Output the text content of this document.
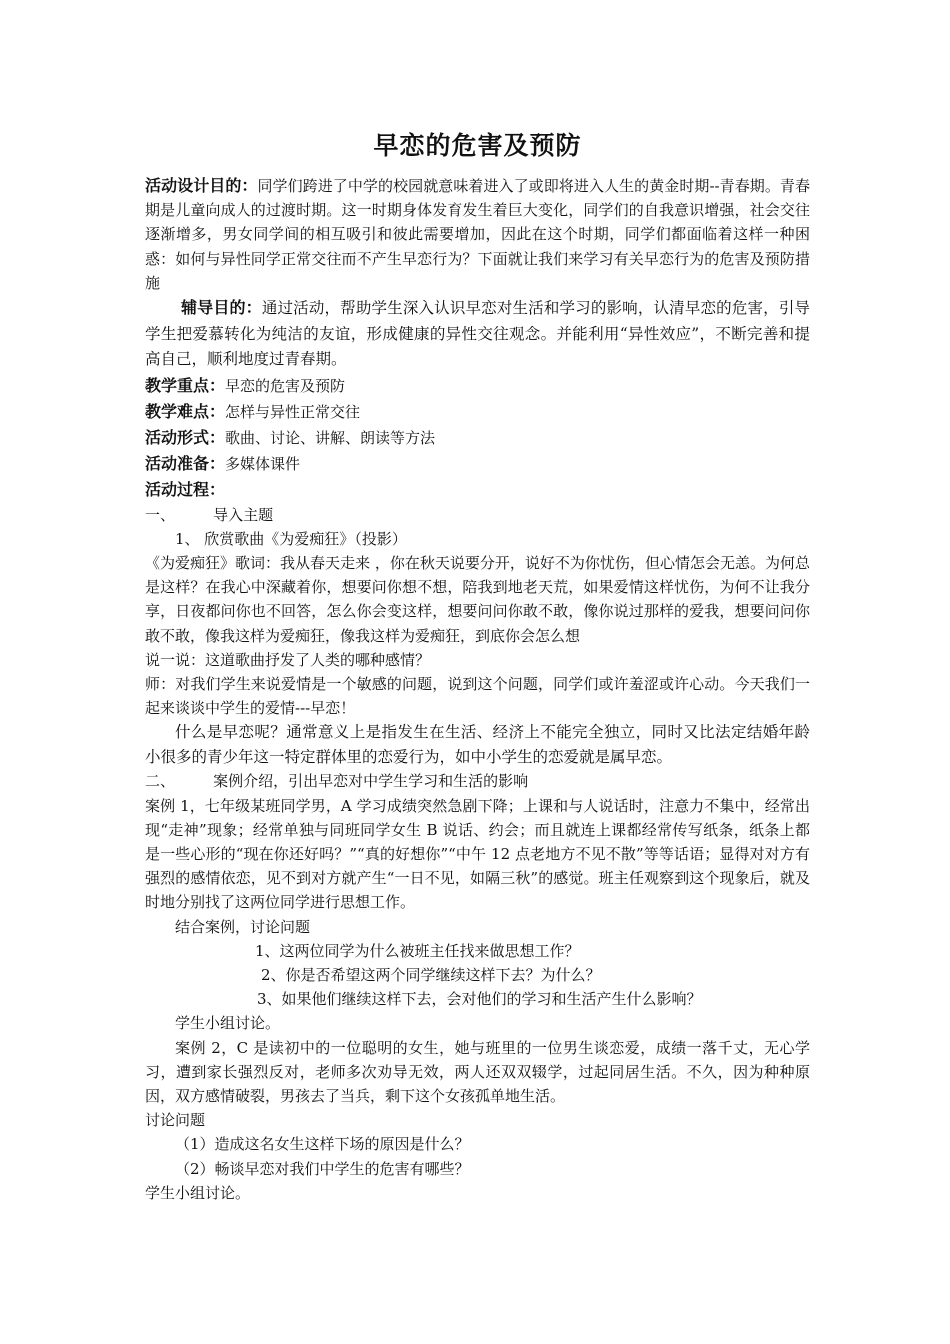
早恋的危害及预防

活动设计目的：同学们跨进了中学的校园就意味着进入了或即将进入人生的黄金时期--青春期。青春期是儿童向成人的过渡时期。这一时期身体发育发生着巨大变化，同学们的自我意识增强，社会交往逐渐增多，男女同学间的相互吸引和彼此需要增加，因此在这个时期，同学们都面临着这样一种困惑：如何与异性同学正常交往而不产生早恋行为？下面就让我们来学习有关早恋行为的危害及预防措施

辅导目的：通过活动，帮助学生深入认识早恋对生活和学习的影响，认清早恋的危害，引导学生把爱慕转化为纯洁的友谊，形成健康的异性交往观念。并能利用“异性效应”，不断完善和提高自己，顺利地度过青春期。

教学重点：早恋的危害及预防

教学难点：怎样与异性正常交往

活动形式：歌曲、讨论、讲解、朗读等方法

活动准备：多媒体课件

活动过程：

一、        导入主题

1、 欣赏歌曲《为爱痴狂》（投影）

《为爱痴狂》歌词：我从春天走来 ，你在秋天说要分开，说好不为你忧伤，但心情怎会无恙。为何总是这样？在我心中深藏着你，想要问你想不想，陪我到地老天荒，如果爱情这样忧伤，为何不让我分享，日夜都问你也不回答，怎么你会变这样，想要问问你敢不敢，像你说过那样的爱我，想要问问你敢不敢，像我这样为爱痴狂，像我这样为爱痴狂，到底你会怎么想

说一说：这道歌曲抒发了人类的哪种感情？

师：对我们学生来说爱情是一个敏感的问题，说到这个问题，同学们或许羞涩或许心动。今天我们一起来谈谈中学生的爱情---早恋！

什么是早恋呢？通常意义上是指发生在生活、经济上不能完全独立，同时又比法定结婚年龄小很多的青少年这一特定群体里的恋爱行为，如中小学生的恋爱就是属早恋。

二、        案例介绍，引出早恋对中学生学习和生活的影响

案例 1，七年级某班同学男，A 学习成绩突然急剧下降；上课和与人说话时，注意力不集中，经常出现“走神”现象；经常单独与同班同学女生 B 说话、约会；而且就连上课都经常传写纸条，纸条上都是一些心形的“现在你还好吗？”“真的好想你”“中午 12 点老地方不见不散”等等话语；显得对对方有强烈的感情依恋，见不到对方就产生“一日不见，如隔三秋”的感觉。班主任观察到这个现象后，就及时地分别找了这两位同学进行思想工作。

结合案例，讨论问题

1、这两位同学为什么被班主任找来做思想工作？

2、你是否希望这两个同学继续这样下去？为什么？

3、如果他们继续这样下去，会对他们的学习和生活产生什么影响？

学生小组讨论。

案例 2，C 是读初中的一位聪明的女生，她与班里的一位男生谈恋爱，成绩一落千丈，无心学习，遭到家长强烈反对，老师多次劝导无效，两人还双双辍学，过起同居生活。不久，因为种种原因，双方感情破裂，男孩去了当兵，剩下这个女孩孤单地生活。

讨论问题

（1）造成这名女生这样下场的原因是什么？

（2）畅谈早恋对我们中学生的危害有哪些？

学生小组讨论。
